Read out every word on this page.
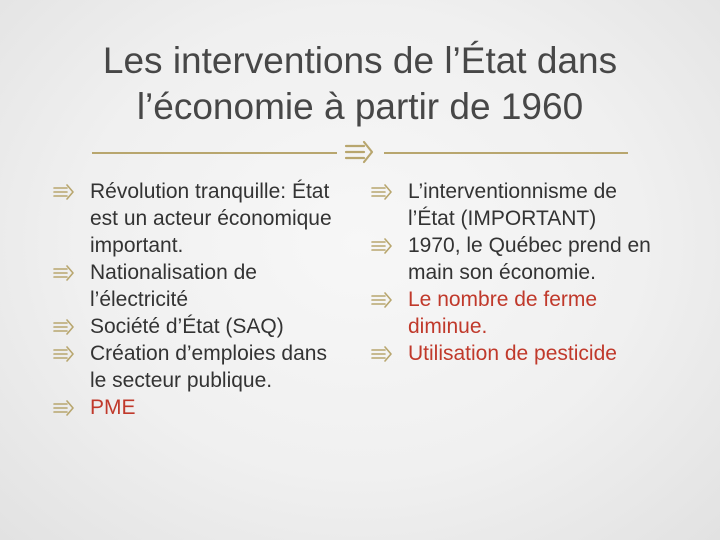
Les interventions de l’État dans
l’économie à partir de 1960

Révolution tranquille: État est un acteur économique important.

Nationalisation de l’électricité

Société d’État (SAQ)

Création d’emploies dans le secteur publique.

PME

L’interventionnisme de l’État (IMPORTANT)

1970, le Québec prend en main son économie.

Le nombre de ferme diminue.

Utilisation de pesticide
